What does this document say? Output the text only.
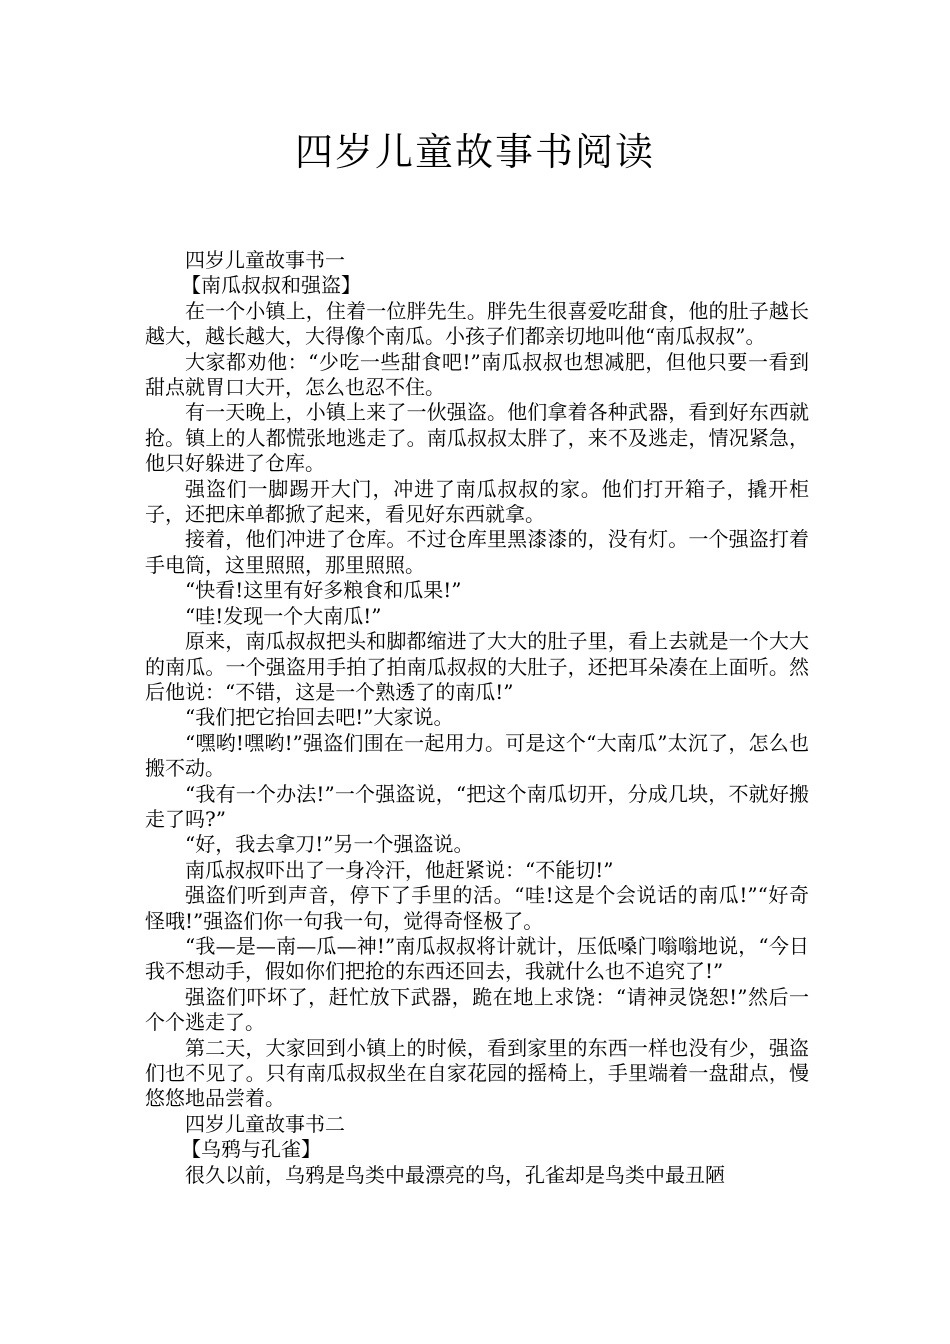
四岁儿童故事书阅读

四岁儿童故事书一

【南瓜叔叔和强盗】

在一个小镇上，住着一位胖先生。胖先生很喜爱吃甜食，他的肚子越长越大，越长越大，大得像个南瓜。小孩子们都亲切地叫他“南瓜叔叔”。

大家都劝他：“少吃一些甜食吧!”南瓜叔叔也想减肥，但他只要一看到甜点就胃口大开，怎么也忍不住。

有一天晚上，小镇上来了一伙强盗。他们拿着各种武器，看到好东西就抢。镇上的人都慌张地逃走了。南瓜叔叔太胖了，来不及逃走，情况紧急，他只好躲进了仓库。

强盗们一脚踢开大门，冲进了南瓜叔叔的家。他们打开箱子，撬开柜子，还把床单都掀了起来，看见好东西就拿。

接着，他们冲进了仓库。不过仓库里黑漆漆的，没有灯。一个强盗打着手电筒，这里照照，那里照照。

“快看!这里有好多粮食和瓜果!”

“哇!发现一个大南瓜!”

原来，南瓜叔叔把头和脚都缩进了大大的肚子里，看上去就是一个大大的南瓜。一个强盗用手拍了拍南瓜叔叔的大肚子，还把耳朵凑在上面听。然后他说：“不错，这是一个熟透了的南瓜!”

“我们把它抬回去吧!”大家说。

“嘿哟!嘿哟!”强盗们围在一起用力。可是这个“大南瓜”太沉了，怎么也搬不动。

“我有一个办法!”一个强盗说，“把这个南瓜切开，分成几块，不就好搬走了吗?”

“好，我去拿刀!”另一个强盗说。

南瓜叔叔吓出了一身冷汗，他赶紧说：“不能切!”

强盗们听到声音，停下了手里的活。“哇!这是个会说话的南瓜!”“好奇怪哦!”强盗们你一句我一句，觉得奇怪极了。

“我—是—南—瓜—神!”南瓜叔叔将计就计，压低嗓门嗡嗡地说，“今日我不想动手，假如你们把抢的东西还回去，我就什么也不追究了!”

强盗们吓坏了，赶忙放下武器，跪在地上求饶：“请神灵饶恕!”然后一个个逃走了。

第二天，大家回到小镇上的时候，看到家里的东西一样也没有少，强盗们也不见了。只有南瓜叔叔坐在自家花园的摇椅上，手里端着一盘甜点，慢悠悠地品尝着。

四岁儿童故事书二

【乌鸦与孔雀】

很久以前，乌鸦是鸟类中最漂亮的鸟，孔雀却是鸟类中最丑陋
